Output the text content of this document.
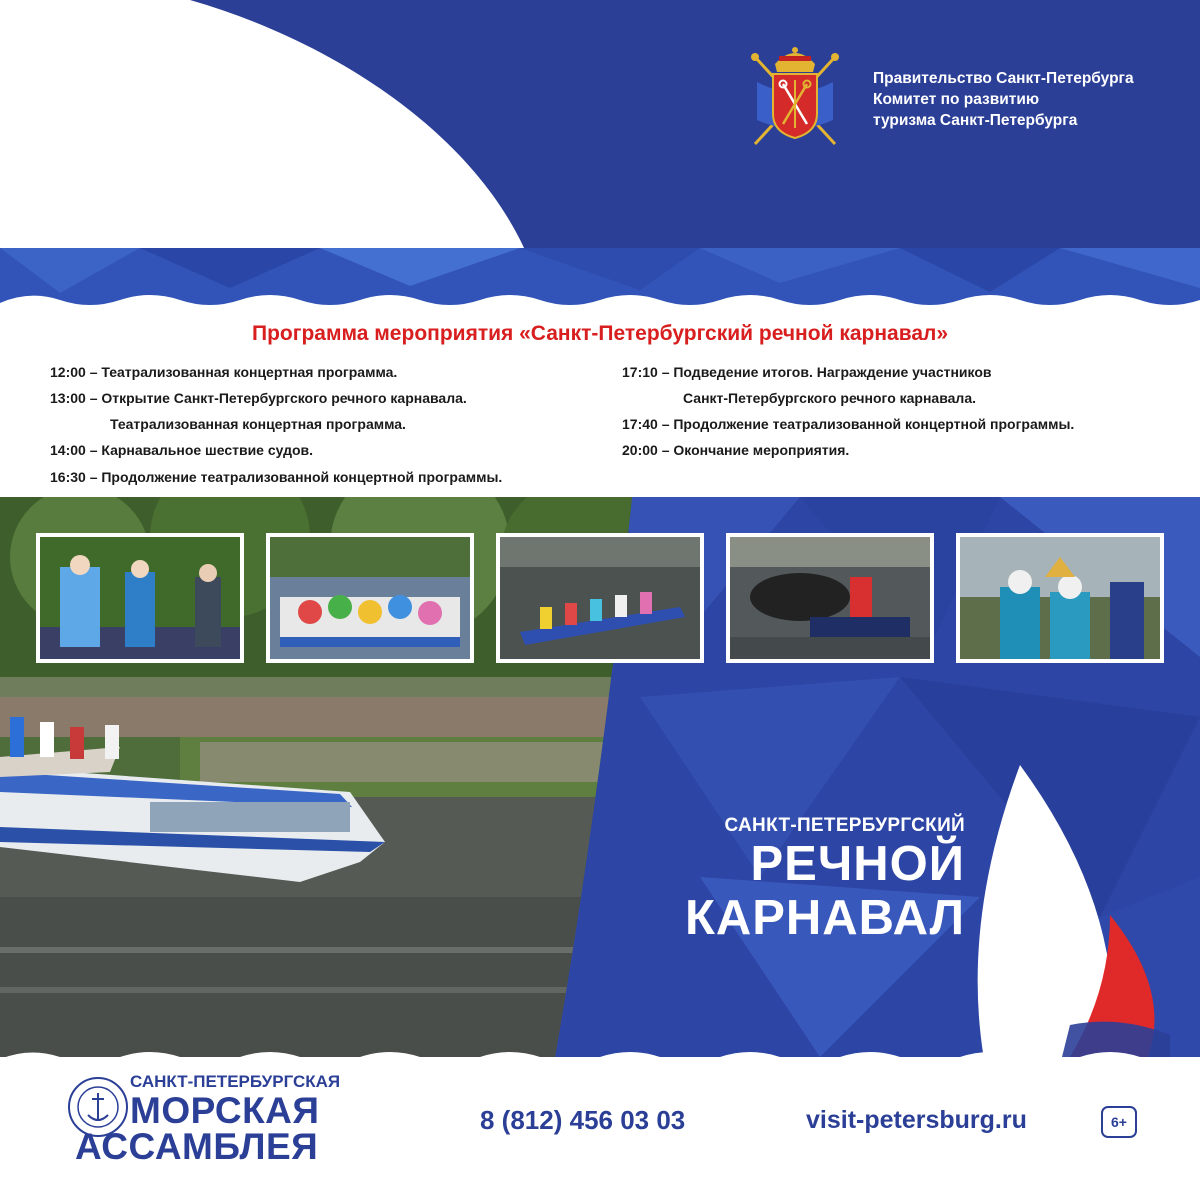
Правительство Санкт-Петербурга
Комитет по развитию
туризма Санкт-Петербурга
Программа мероприятия «Санкт-Петербургский речной карнавал»
12:00 – Театрализованная концертная программа.
13:00 – Открытие Санкт-Петербургского речного карнавала.
Театрализованная концертная программа.
14:00 – Карнавальное шествие судов.
16:30 – Продолжение театрализованной концертной программы.
17:10 – Подведение итогов. Награждение участников
Санкт-Петербургского речного карнавала.
17:40 – Продолжение театрализованной концертной программы.
20:00 – Окончание мероприятия.
САНКТ-ПЕТЕРБУРГСКИЙ
РЕЧНОЙ
КАРНАВАЛ
САНКТ-ПЕТЕРБУРГСКАЯ
МОРСКАЯ
АССАМБЛЕЯ
8 (812) 456 03 03	visit-petersburg.ru	6+
